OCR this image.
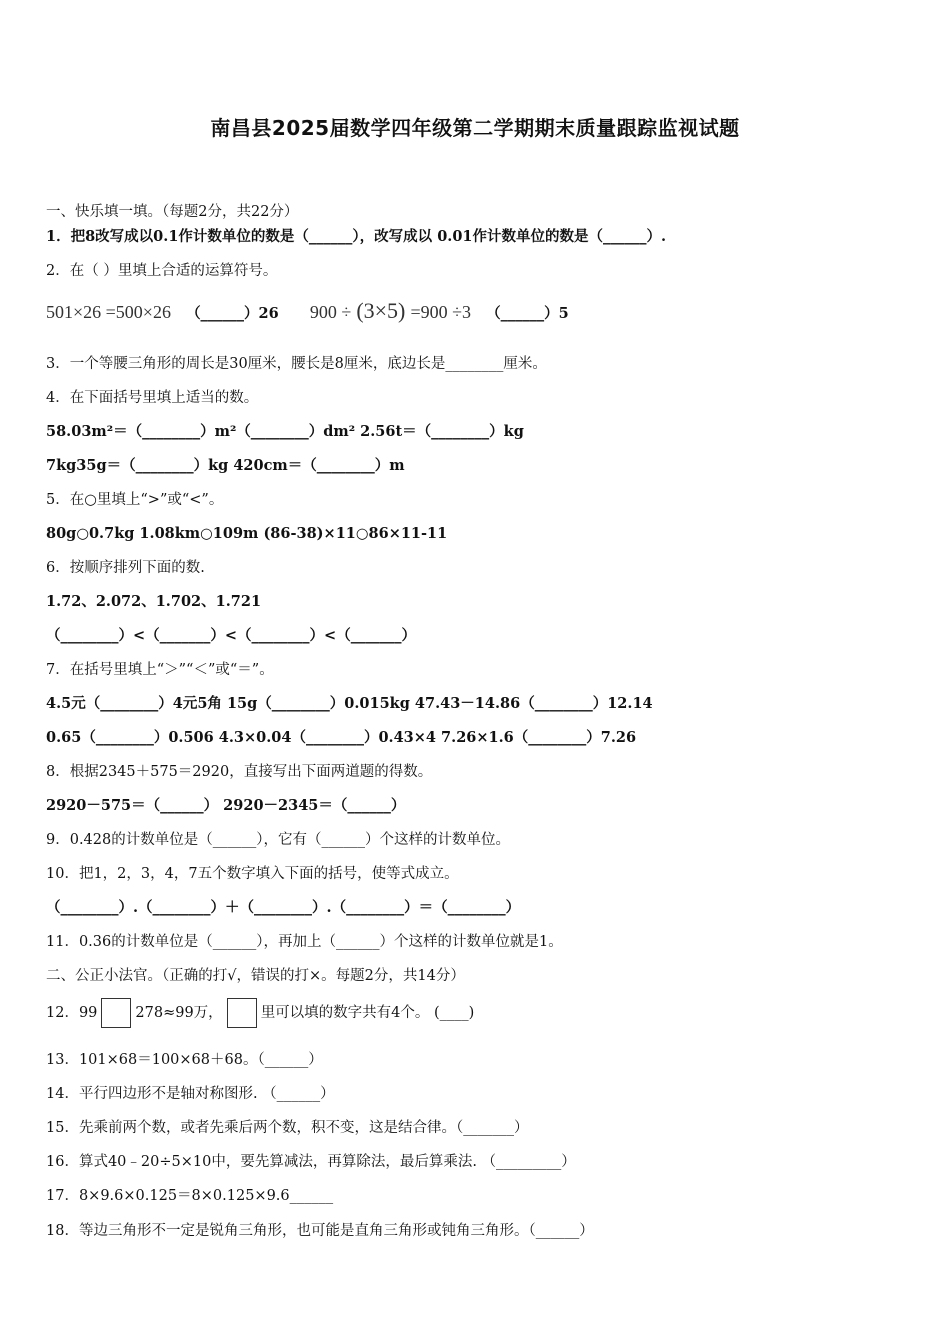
南昌县2025届数学四年级第二学期期末质量跟踪监视试题
一、快乐填一填。（每题2分，共22分）
1．把8改写成以0.1作计数单位的数是（______），改写成以 0.01作计数单位的数是（______）.
2．在（ ）里填上合适的运算符号。
501×26 =500×26 （______）26 900 ÷ (3×5) =900 ÷3 （______）5
3．一个等腰三角形的周长是30厘米，腰长是8厘米，底边长是________厘米。
4．在下面括号里填上适当的数。
58.03m²＝（________）m²（________）dm² 2.56t＝（________）kg
7kg35g＝（________）kg 420cm＝（________）m
5．在○里填上“>”或“<”。
80g○0.7kg 1.08km○109m (86-38)×11○86×11-11
6．按顺序排列下面的数.
1.72、2.072、1.702、1.721
（________）<（_______）<（________）<（_______）
7．在括号里填上“＞”“＜”或“＝”。
4.5元（________）4元5角 15g（________）0.015kg 47.43－14.86（________）12.14
0.65（________）0.506 4.3×0.04（________）0.43×4 7.26×1.6（________）7.26
8．根据2345＋575＝2920，直接写出下面两道题的得数。
2920－575＝（______） 2920－2345＝（______）
9．0.428的计数单位是（______），它有（______）个这样的计数单位。
10．把1，2，3，4，7五个数字填入下面的括号，使等式成立。
（________）.（________）＋（________）.（________）＝（________）
11．0.36的计数单位是（______），再加上（______）个这样的计数单位就是1。
二、公正小法官。（正确的打√，错误的打×。每题2分，共14分）
12．99	278≈99万，	里可以填的数字共有4个。 (____)
13．101×68＝100×68＋68。（______）
14．平行四边形不是轴对称图形. （______）
15．先乘前两个数，或者先乘后两个数，积不变，这是结合律。（_______）
16．算式40﹣20÷5×10中，要先算减法，再算除法，最后算乘法. （_________）
17．8×9.6×0.125＝8×0.125×9.6______
18．等边三角形不一定是锐角三角形，也可能是直角三角形或钝角三角形。（______）
